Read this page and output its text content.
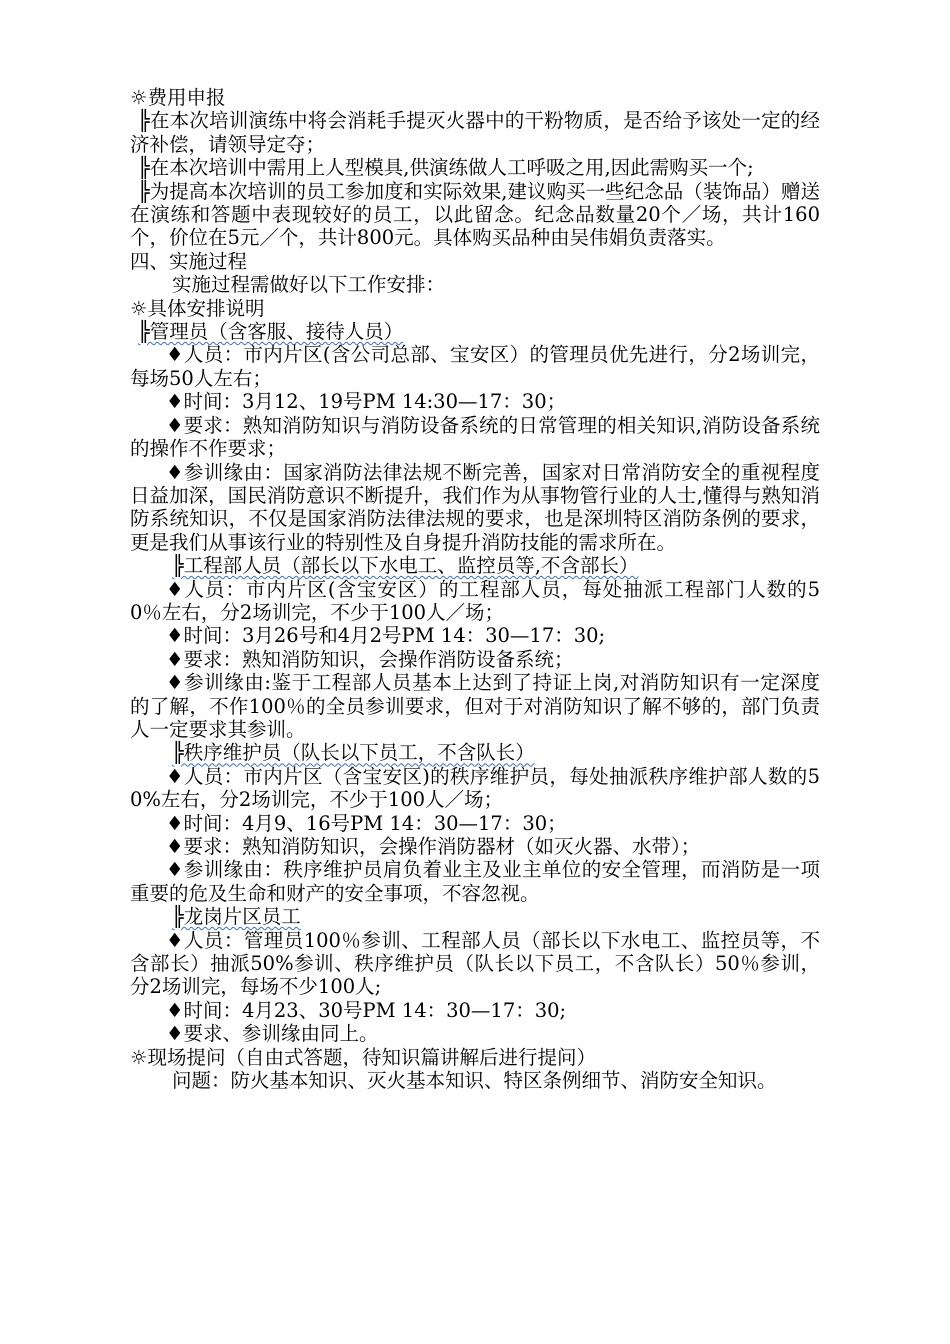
☼费用申报

╠在本次培训演练中将会消耗手提灭火器中的干粉物质，是否给予该处一定的经济补偿，请领导定夺；

╠在本次培训中需用上人型模具,供演练做人工呼吸之用,因此需购买一个;

╠为提高本次培训的员工参加度和实际效果,建议购买一些纪念品（装饰品）赠送在演练和答题中表现较好的员工，以此留念。纪念品数量20个／场，共计160个，价位在5元／个，共计800元。具体购买品种由吴伟娟负责落实。

四、实施过程

实施过程需做好以下工作安排：

☼具体安排说明

╠管理员（含客服、接待人员）

♦人员：市内片区(含公司总部、宝安区）的管理员优先进行，分2场训完，每场50人左右；

♦时间：3月12、19号PM 14:30—17：30；

♦要求：熟知消防知识与消防设备系统的日常管理的相关知识,消防设备系统的操作不作要求；

♦参训缘由：国家消防法律法规不断完善，国家对日常消防安全的重视程度日益加深，国民消防意识不断提升，我们作为从事物管行业的人士,懂得与熟知消防系统知识，不仅是国家消防法律法规的要求，也是深圳特区消防条例的要求，更是我们从事该行业的特别性及自身提升消防技能的需求所在。

╠工程部人员（部长以下水电工、监控员等,不含部长）

♦人员：市内片区(含宝安区）的工程部人员，每处抽派工程部门人数的50％左右，分2场训完，不少于100人／场；

♦时间：3月26号和4月2号PM 14：30—17：30;

♦要求：熟知消防知识，会操作消防设备系统；

♦参训缘由:鉴于工程部人员基本上达到了持证上岗,对消防知识有一定深度的了解，不作100％的全员参训要求，但对于对消防知识了解不够的，部门负责人一定要求其参训。

╠秩序维护员（队长以下员工，不含队长）

♦人员：市内片区（含宝安区)的秩序维护员，每处抽派秩序维护部人数的50%左右，分2场训完，不少于100人／场；

♦时间：4月9、16号PM 14：30—17：30；

♦要求：熟知消防知识，会操作消防器材（如灭火器、水带）；

♦参训缘由：秩序维护员肩负着业主及业主单位的安全管理，而消防是一项重要的危及生命和财产的安全事项，不容忽视。

╠龙岗片区员工

♦人员：管理员100％参训、工程部人员（部长以下水电工、监控员等，不含部长）抽派50%参训、秩序维护员（队长以下员工，不含队长）50％参训，分2场训完，每场不少100人;

♦时间：4月23、30号PM 14：30—17：30;

♦要求、参训缘由同上。

☼现场提问（自由式答题，待知识篇讲解后进行提问）

问题：防火基本知识、灭火基本知识、特区条例细节、消防安全知识。
